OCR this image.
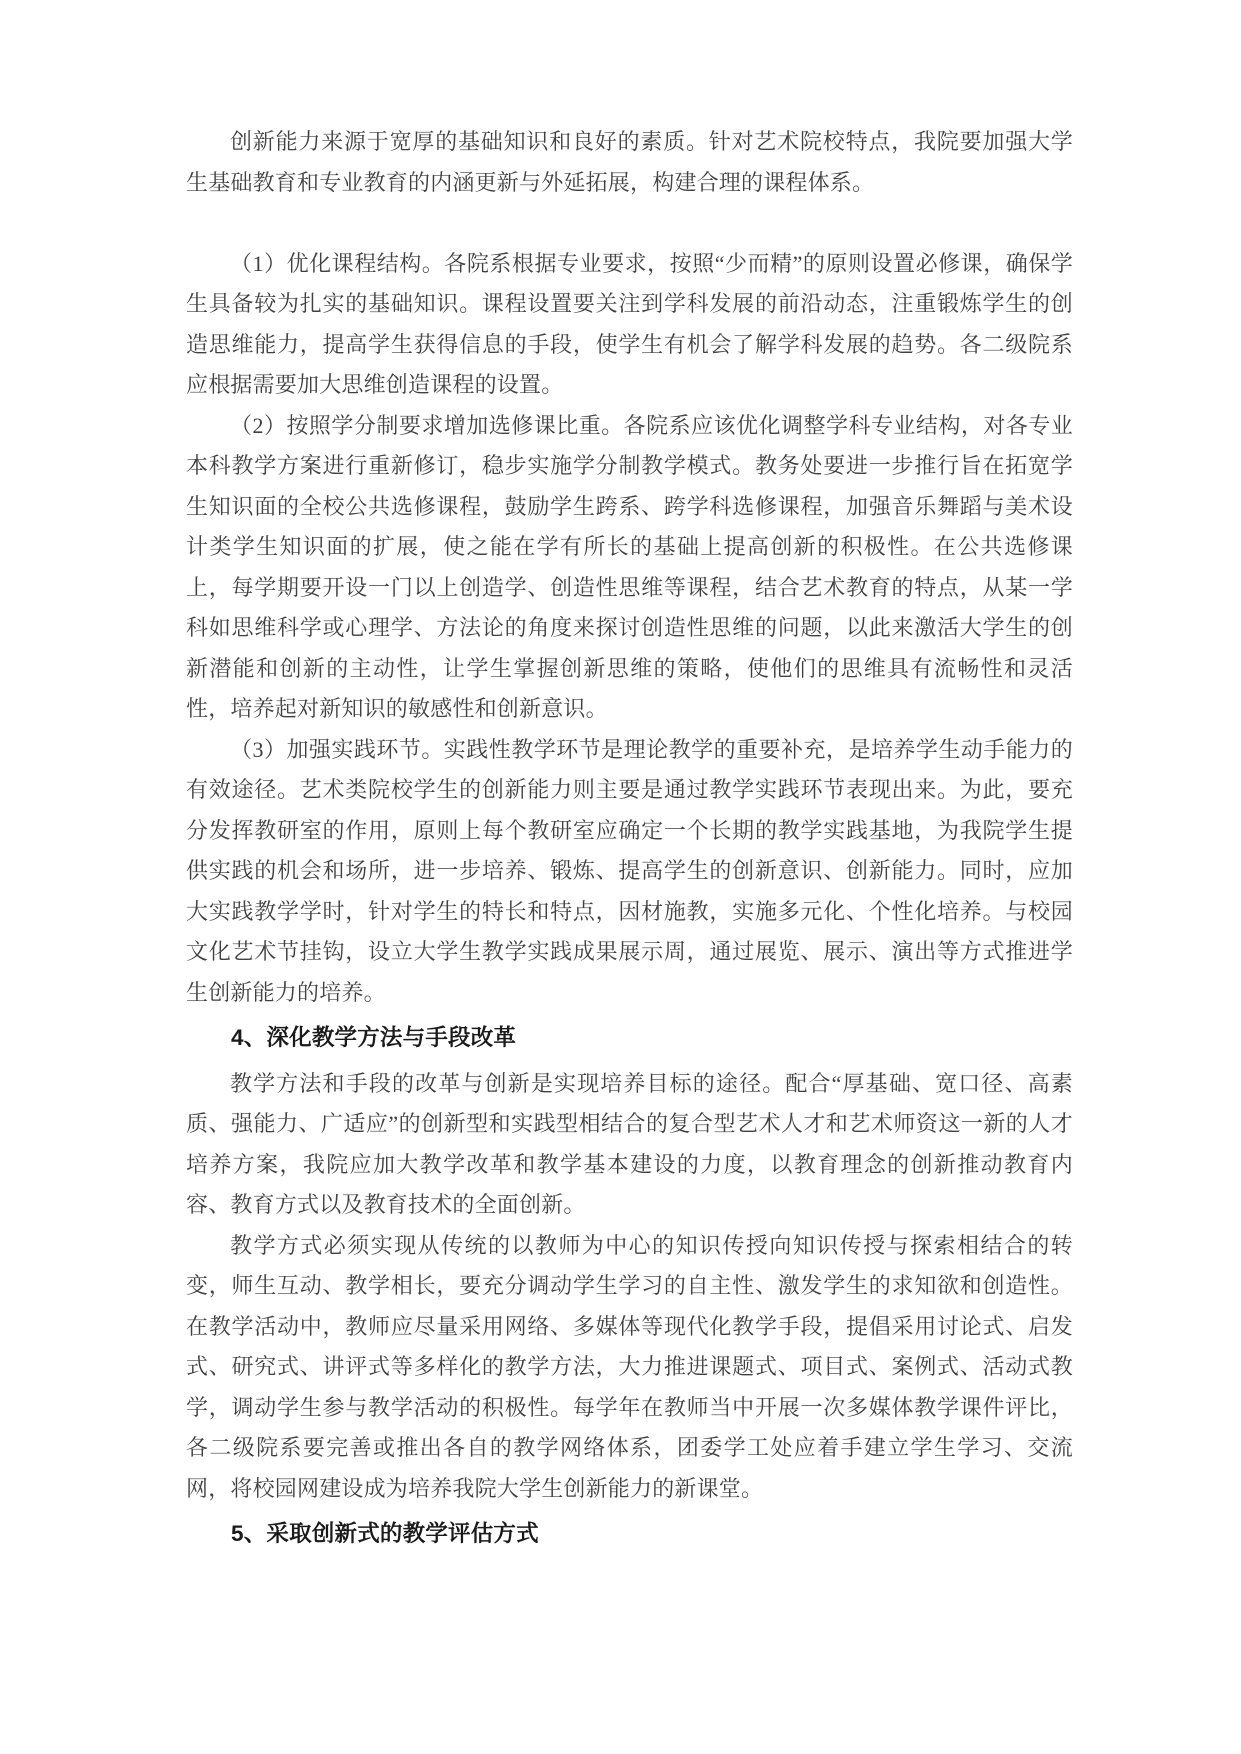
创新能力来源于宽厚的基础知识和良好的素质。针对艺术院校特点，我院要加强大学生基础教育和专业教育的内涵更新与外延拓展，构建合理的课程体系。

（1）优化课程结构。各院系根据专业要求，按照“少而精”的原则设置必修课，确保学生具备较为扎实的基础知识。课程设置要关注到学科发展的前沿动态，注重锻炼学生的创造思维能力，提高学生获得信息的手段，使学生有机会了解学科发展的趋势。各二级院系应根据需要加大思维创造课程的设置。

（2）按照学分制要求增加选修课比重。各院系应该优化调整学科专业结构，对各专业本科教学方案进行重新修订，稳步实施学分制教学模式。教务处要进一步推行旨在拓宽学生知识面的全校公共选修课程，鼓励学生跨系、跨学科选修课程，加强音乐舞蹈与美术设计类学生知识面的扩展，使之能在学有所长的基础上提高创新的积极性。在公共选修课上，每学期要开设一门以上创造学、创造性思维等课程，结合艺术教育的特点，从某一学科如思维科学或心理学、方法论的角度来探讨创造性思维的问题，以此来激活大学生的创新潜能和创新的主动性，让学生掌握创新思维的策略，使他们的思维具有流畅性和灵活性，培养起对新知识的敏感性和创新意识。

（3）加强实践环节。实践性教学环节是理论教学的重要补充，是培养学生动手能力的有效途径。艺术类院校学生的创新能力则主要是通过教学实践环节表现出来。为此，要充分发挥教研室的作用，原则上每个教研室应确定一个长期的教学实践基地，为我院学生提供实践的机会和场所，进一步培养、锻炼、提高学生的创新意识、创新能力。同时，应加大实践教学学时，针对学生的特长和特点，因材施教，实施多元化、个性化培养。与校园文化艺术节挂钩，设立大学生教学实践成果展示周，通过展览、展示、演出等方式推进学生创新能力的培养。

4、深化教学方法与手段改革

教学方法和手段的改革与创新是实现培养目标的途径。配合“厚基础、宽口径、高素质、强能力、广适应”的创新型和实践型相结合的复合型艺术人才和艺术师资这一新的人才培养方案，我院应加大教学改革和教学基本建设的力度，以教育理念的创新推动教育内容、教育方式以及教育技术的全面创新。

教学方式必须实现从传统的以教师为中心的知识传授向知识传授与探索相结合的转变，师生互动、教学相长，要充分调动学生学习的自主性、激发学生的求知欲和创造性。在教学活动中，教师应尽量采用网络、多媒体等现代化教学手段，提倡采用讨论式、启发式、研究式、讲评式等多样化的教学方法，大力推进课题式、项目式、案例式、活动式教学，调动学生参与教学活动的积极性。每学年在教师当中开展一次多媒体教学课件评比，各二级院系要完善或推出各自的教学网络体系，团委学工处应着手建立学生学习、交流网，将校园网建设成为培养我院大学生创新能力的新课堂。

5、采取创新式的教学评估方式
